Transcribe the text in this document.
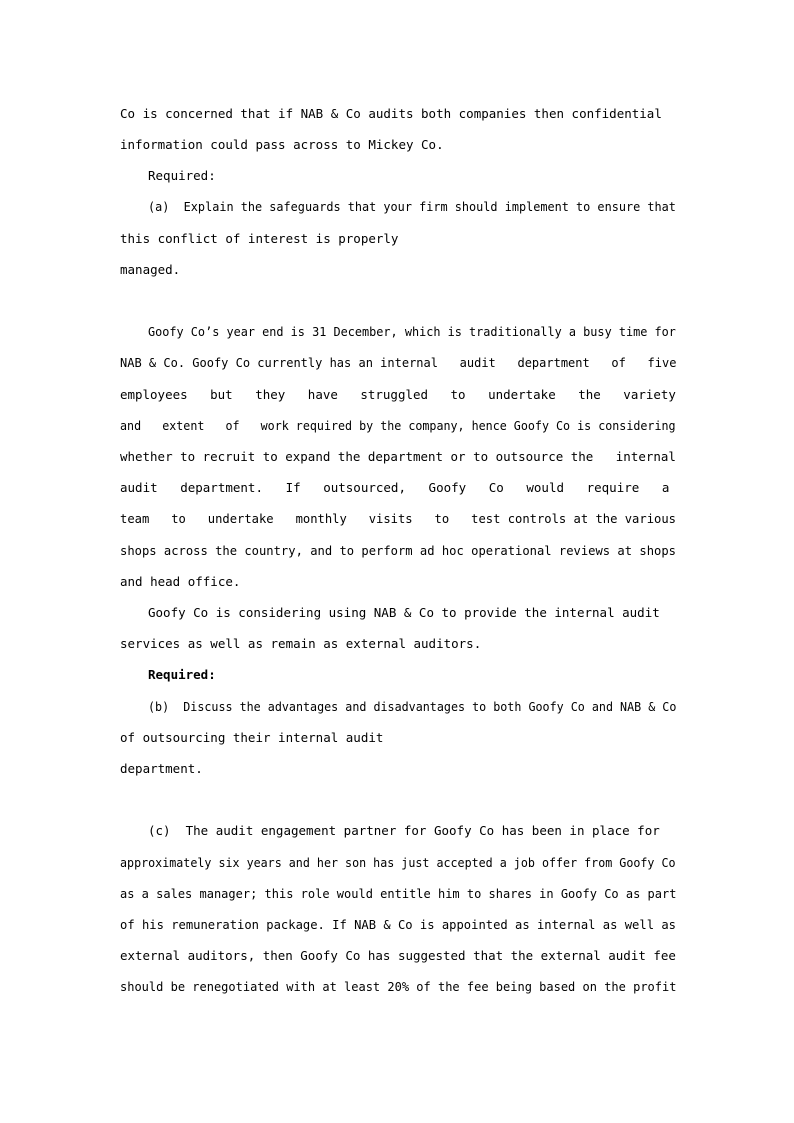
Co is concerned that if NAB & Co audits both companies then confidential
information could pass across to Mickey Co.
Required:
(a)  Explain the safeguards that your firm should implement to ensure that
this conflict of interest is properly
managed.
Goofy Co’s year end is 31 December, which is traditionally a busy time for
NAB & Co. Goofy Co currently has an internal   audit   department   of   five
employees   but   they   have   struggled   to   undertake   the   variety
and   extent   of   work required by the company, hence Goofy Co is considering
whether to recruit to expand the department or to outsource the   internal
audit   department.   If   outsourced,   Goofy   Co   would   require   a
team   to   undertake   monthly   visits   to   test controls at the various
shops across the country, and to perform ad hoc operational reviews at shops
and head office.
Goofy Co is considering using NAB & Co to provide the internal audit
services as well as remain as external auditors.
Required:
(b)  Discuss the advantages and disadvantages to both Goofy Co and NAB & Co
of outsourcing their internal audit
department.
(c)  The audit engagement partner for Goofy Co has been in place for
approximately six years and her son has just accepted a job offer from Goofy Co
as a sales manager; this role would entitle him to shares in Goofy Co as part
of his remuneration package. If NAB & Co is appointed as internal as well as
external auditors, then Goofy Co has suggested that the external audit fee
should be renegotiated with at least 20% of the fee being based on the profit
